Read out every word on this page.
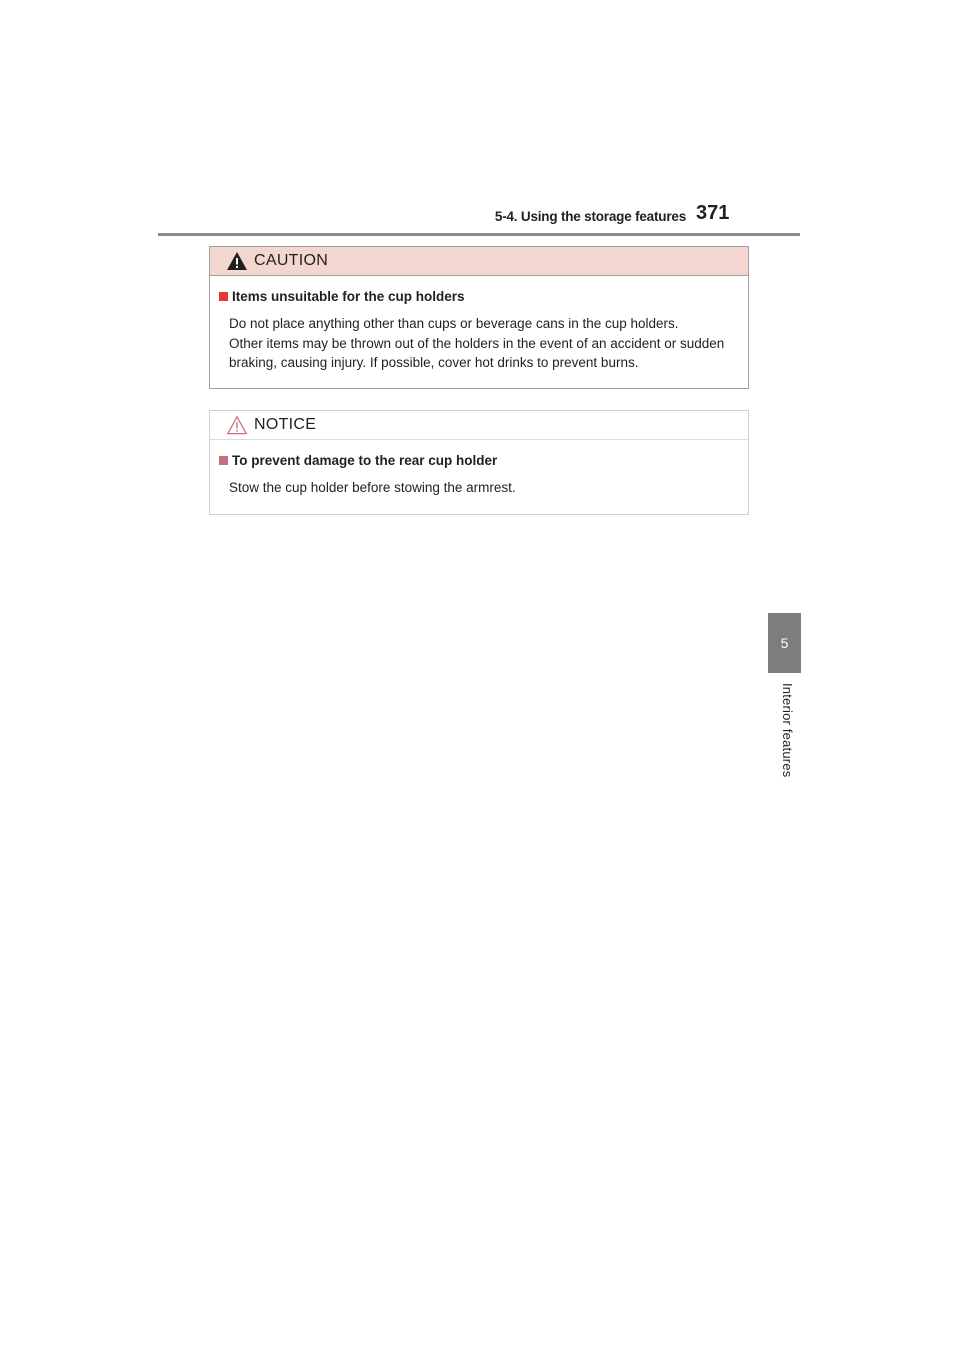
5-4. Using the storage features 371
5
Interior features
CAUTION
Items unsuitable for the cup holders
Do not place anything other than cups or beverage cans in the cup holders.
Other items may be thrown out of the holders in the event of an accident or sudden
braking, causing injury. If possible, cover hot drinks to prevent burns.
NOTICE
To prevent damage to the rear cup holder
Stow the cup holder before stowing the armrest.
